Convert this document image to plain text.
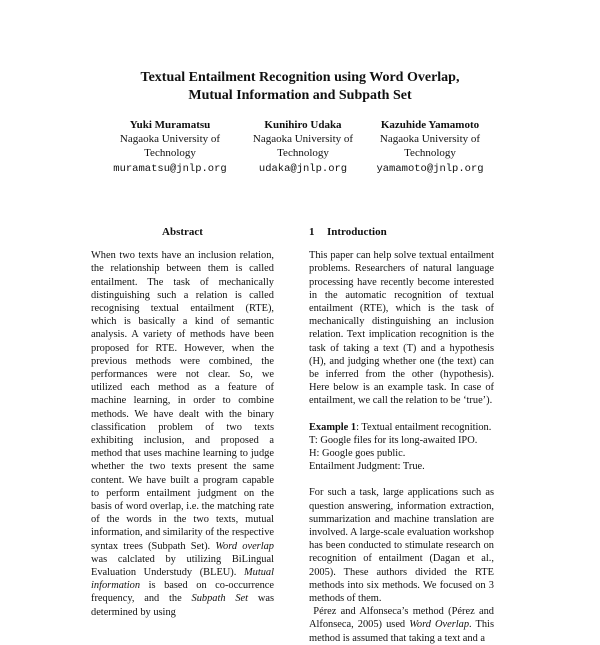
Textual Entailment Recognition using Word Overlap,
Mutual Information and Subpath Set
Yuki Muramatsu
Nagaoka University of
Technology
muramatsu@jnlp.org
Kunihiro Udaka
Nagaoka University of
Technology
udaka@jnlp.org
Kazuhide Yamamoto
Nagaoka University of
Technology
yamamoto@jnlp.org
Abstract

When two texts have an inclusion relation, the relationship between them is called entailment. The task of mechanically distinguishing such a relation is called recognising textual entailment (RTE), which is basically a kind of semantic analysis. A variety of methods have been proposed for RTE. However, when the previous methods were combined, the performances were not clear. So, we utilized each method as a feature of machine learning, in order to combine methods. We have dealt with the binary classification problem of two texts exhibiting inclusion, and proposed a method that uses machine learning to judge whether the two texts present the same content. We have built a program capable to perform entailment judgment on the basis of word overlap, i.e. the matching rate of the words in the two texts, mutual information, and similarity of the respective syntax trees (Subpath Set). Word overlap was calclated by utilizing BiLingual Evaluation Understudy (BLEU). Mutual information is based on co-occurrence frequency, and the Subpath Set was determined by using

1 Introduction

This paper can help solve textual entailment problems. Researchers of natural language processing have recently become interested in the automatic recognition of textual entailment (RTE), which is the task of mechanically distinguishing an inclusion relation. Text implication recognition is the task of taking a text (T) and a hypothesis (H), and judging whether one (the text) can be inferred from the other (hypothesis). Here below is an example task. In case of entailment, we call the relation to be ‘true’).

Example 1: Textual entailment recognition.
T: Google files for its long-awaited IPO.
H: Google goes public.
Entailment Judgment: True.

For such a task, large applications such as question answering, information extraction, summarization and machine translation are involved. A large-scale evaluation workshop has been conducted to stimulate research on recognition of entailment (Dagan et al., 2005). These authors divided the RTE methods into six methods. We focused on 3 methods of them.

Pérez and Alfonseca’s method (Pérez and Alfonseca, 2005) used Word Overlap. This method is assumed that taking a text and a
